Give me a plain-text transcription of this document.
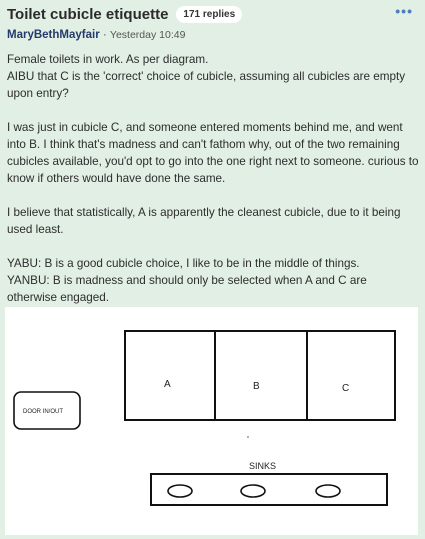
Toilet cubicle etiquette	171 replies	•••
MaryBethMayfair · Yesterday 10:49

Female toilets in work. As per diagram.

AIBU that C is the 'correct' choice of cubicle, assuming all cubicles are empty upon entry?

I was just in cubicle C, and someone entered moments behind me, and went into B. I think that's madness and can't fathom why, out of the two remaining cubicles available, you'd opt to go into the one right next to someone. curious to know if others would have done the same.

I believe that statistically, A is apparently the cleanest cubicle, due to it being used least.

YABU: B is a good cubicle choice, I like to be in the middle of things.

YANBU: B is madness and should only be selected when A and C are otherwise engaged.

A	B	C
DOOR IN/OUT
SINKS
